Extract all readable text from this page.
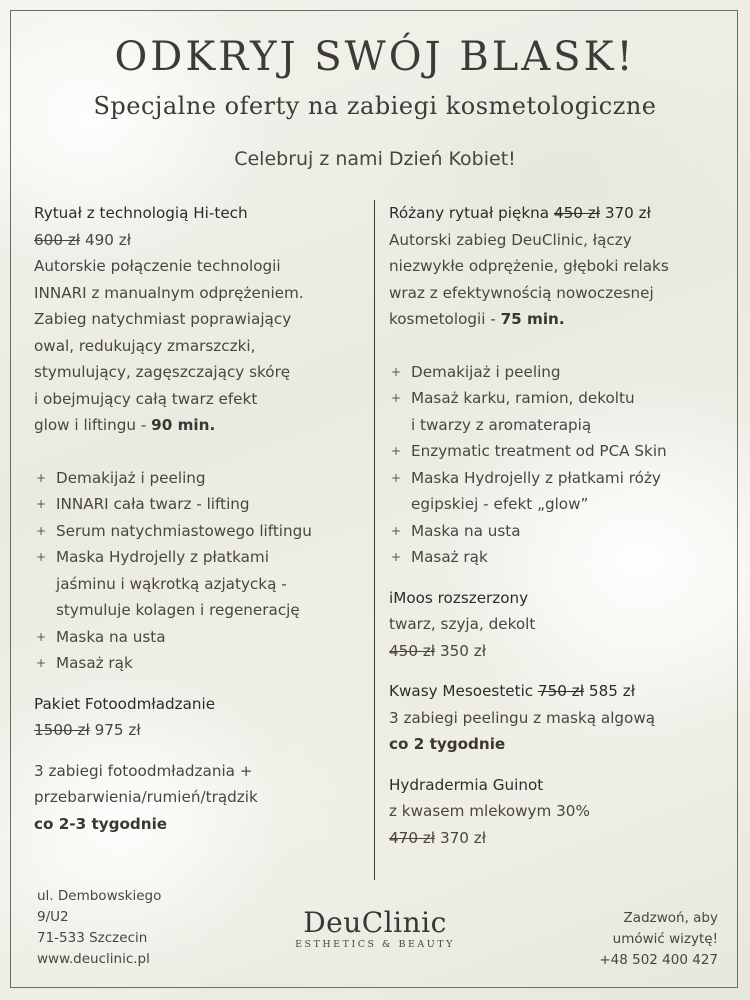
ODKRYJ SWÓJ BLASK!
Specjalne oferty na zabiegi kosmetologiczne
Celebruj z nami Dzień Kobiet!

Rytuał z technologią Hi-tech

600 zł 490 zł

Autorskie połączenie technologii

INNARI z manualnym odprężeniem.

Zabieg natychmiast poprawiający

owal, redukujący zmarszczki,

stymulujący, zagęszczający skórę

i obejmujący całą twarz efekt

glow i liftingu - 90 min.

+ Demakijaż i peeling

+ INNARI cała twarz - lifting

+ Serum natychmiastowego liftingu

+ Maska Hydrojelly z płatkami

jaśminu i wąkrotką azjatycką -

stymuluje kolagen i regenerację

+ Maska na usta

+ Masaż rąk

Pakiet Fotoodmładzanie

1500 zł 975 zł

3 zabiegi fotoodmładzania +

przebarwienia/rumień/trądzik

co 2-3 tygodnie

Różany rytuał piękna 450 zł 370 zł

Autorski zabieg DeuClinic, łączy

niezwykłe odprężenie, głęboki relaks

wraz z efektywnością nowoczesnej

kosmetologii - 75 min.

+ Demakijaż i peeling

+ Masaż karku, ramion, dekoltu

i twarzy z aromaterapią

+ Enzymatic treatment od PCA Skin

+ Maska Hydrojelly z płatkami róży

egipskiej - efekt „glow”

+ Maska na usta

+ Masaż rąk

iMoos rozszerzony

twarz, szyja, dekolt

450 zł 350 zł

Kwasy Mesoestetic 750 zł 585 zł

3 zabiegi peelingu z maską algową

co 2 tygodnie

Hydradermia Guinot

z kwasem mlekowym 30%

470 zł 370 zł

ul. Dembowskiego
9/U2
71-533 Szczecin
www.deuclinic.pl
DeuClinic
ESTHETICS & BEAUTY
Zadzwoń, aby
umówić wizytę!
+48 502 400 427
